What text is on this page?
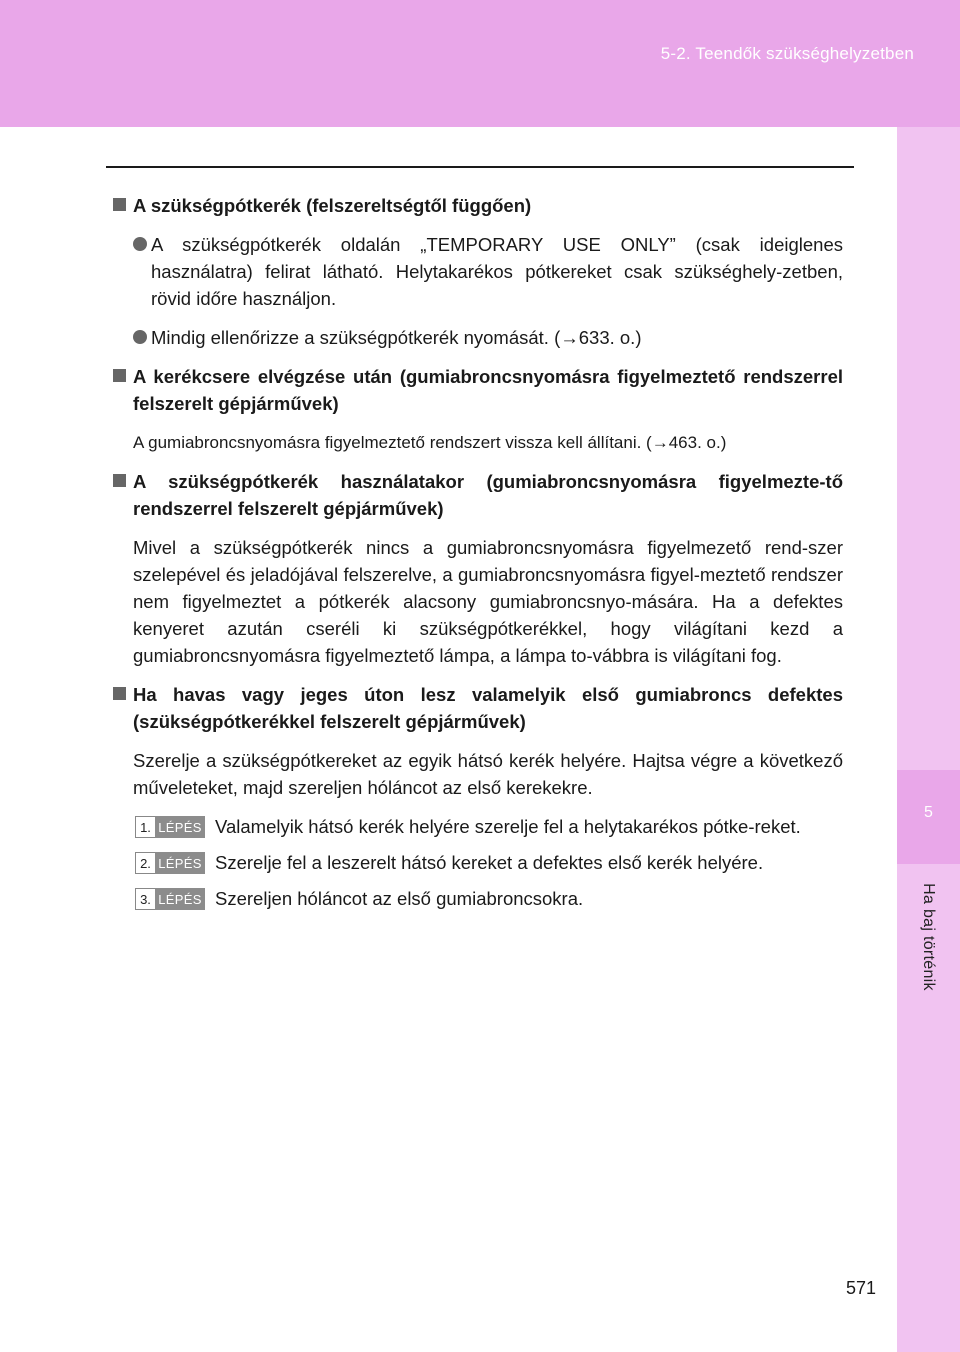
5-2. Teendők szükséghelyzetben
5
Ha baj történik
A szükségpótkerék (felszereltségtől függően)
A szükségpótkerék oldalán „TEMPORARY USE ONLY” (csak ideiglenes használatra) felirat látható. Helytakarékos pótkereket csak szükséghely-zetben, rövid időre használjon.
Mindig ellenőrizze a szükségpótkerék nyomását. (→633. o.)
A kerékcsere elvégzése után (gumiabroncsnyomásra figyelmeztető rendszerrel felszerelt gépjárművek)
A gumiabroncsnyomásra figyelmeztető rendszert vissza kell állítani. (→463. o.)
A szükségpótkerék használatakor (gumiabroncsnyomásra figyelmezte-tő rendszerrel felszerelt gépjárművek)
Mivel a szükségpótkerék nincs a gumiabroncsnyomásra figyelmezető rend-szer szelepével és jeladójával felszerelve, a gumiabroncsnyomásra figyel-meztető rendszer nem figyelmeztet a pótkerék alacsony gumiabroncsnyo-mására. Ha a defektes kenyeret azután cseréli ki szükségpótkerékkel, hogy világítani kezd a gumiabroncsnyomásra figyelmeztető lámpa, a lámpa to-vábbra is világítani fog.
Ha havas vagy jeges úton lesz valamelyik első gumiabroncs defektes (szükségpótkerékkel felszerelt gépjárművek)
Szerelje a szükségpótkereket az egyik hátsó kerék helyére. Hajtsa végre a következő műveleteket, majd szereljen hóláncot az első kerekekre.
1. LÉPÉS Valamelyik hátsó kerék helyére szerelje fel a helytakarékos pótke-reket.
2. LÉPÉS Szerelje fel a leszerelt hátsó kereket a defektes első kerék helyére.
3. LÉPÉS Szereljen hóláncot az első gumiabroncsokra.
571
